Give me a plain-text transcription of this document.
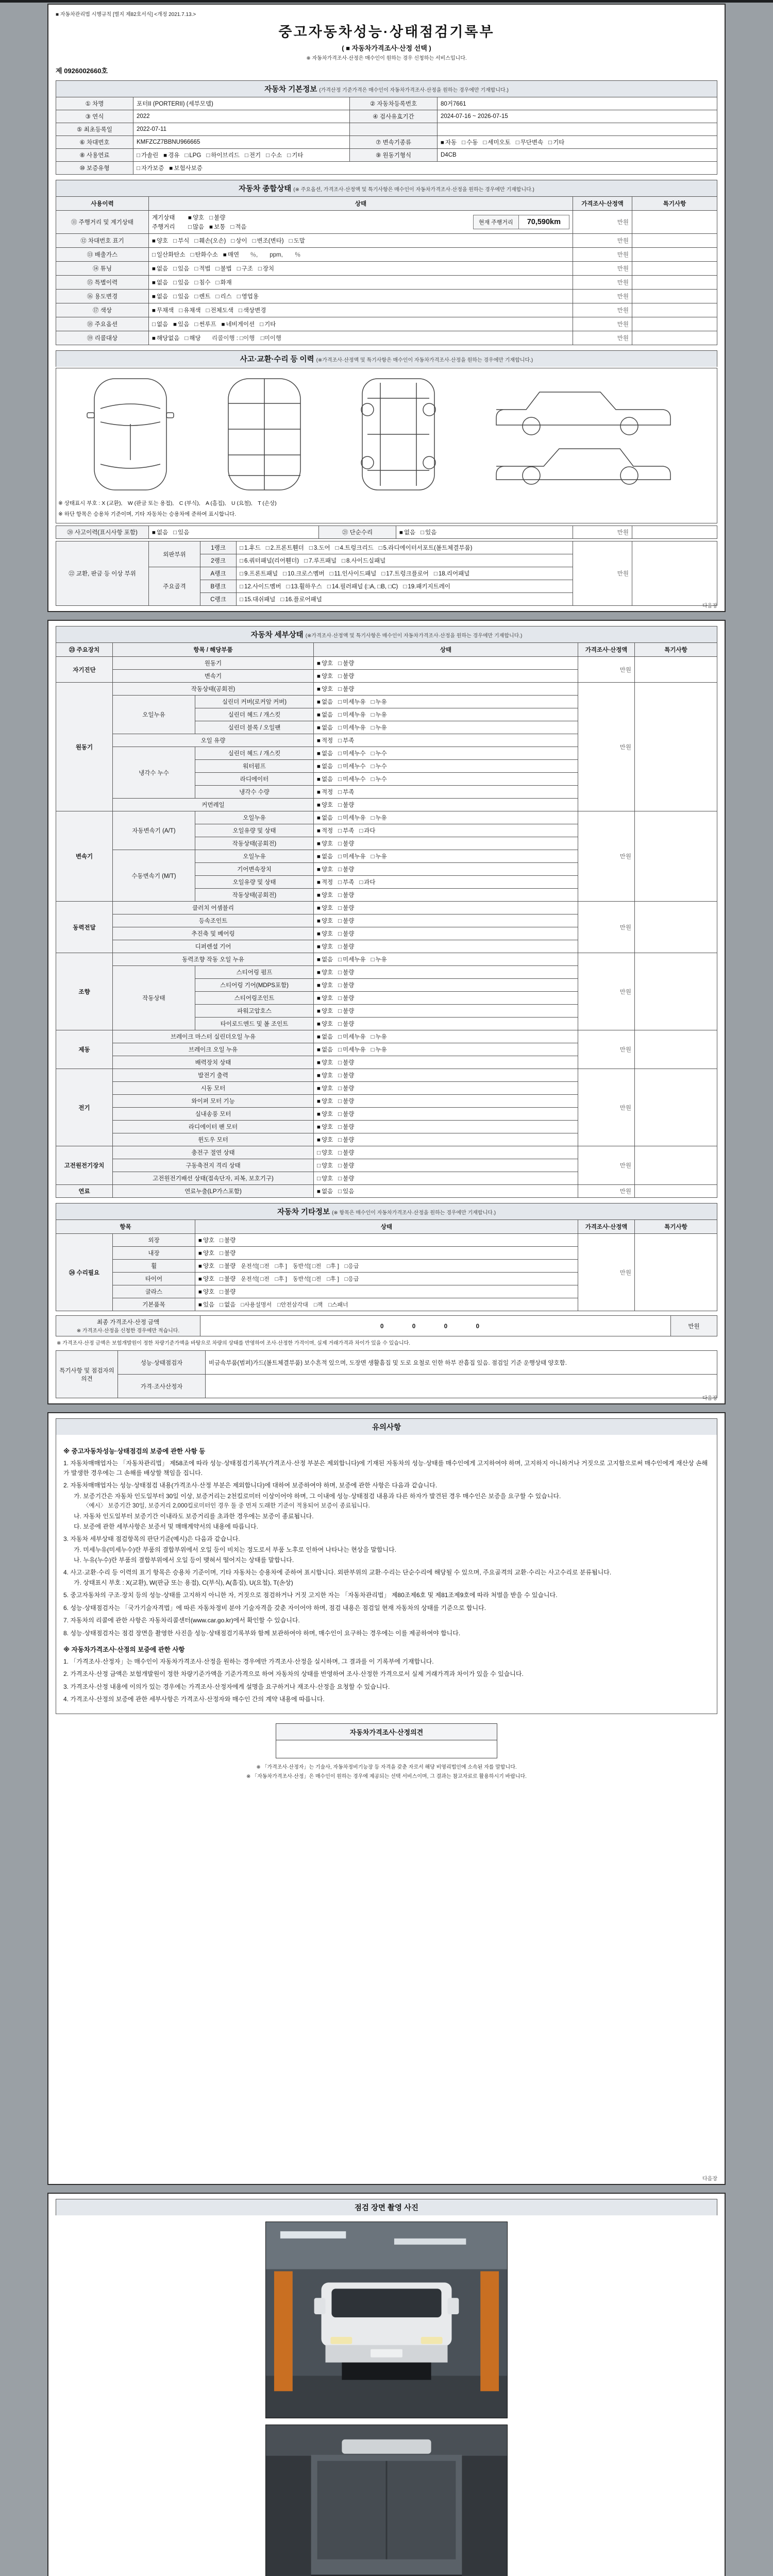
■ 자동차관리법 시행규칙 [별지 제82호서식] <개정 2021.7.13.>
중고자동차성능·상태점검기록부
( ■ 자동차가격조사·산정 선택 )
※ 자동차가격조사·산정은 매수인이 원하는 경우 신청하는 서비스입니다.
제 0926002660호
자동차 기본정보 (가격산정 기준가격은 매수인이 자동차가격조사·산정을 원하는 경우에만 기재합니다.)
① 차명	포터II (PORTERII) (세부모델)	② 자동차등록번호	80거7661
③ 연식	2022	④ 검사유효기간	2024-07-16 ~ 2026-07-15
⑤ 최초등록일	2022-07-11		
⑥ 차대번호	KMFZCZ7BBNU966665	⑦ 변속기종류	■ 자동 □ 수동 □ 세미오토 □ 무단변속 □ 기타
⑧ 사용연료	□ 가솔린 ■ 경유 □ LPG □ 하이브리드 □ 전기 □ 수소 □ 기타	⑨ 원동기형식	D4CB
⑩ 보증유형	□ 자가보증 ■ 보험사보증		
자동차 종합상태 (※ 주요옵션, 가격조사·산정액 및 특기사항은 매수인이 자동차가격조사·산정을 원하는 경우에만 기재합니다.)
사용이력	상태	가격조사·산정액	특기사항
⑪ 주행거리 및 계기상태	계기상태 ■ 양호 □ 불량
주행거리 □ 많음 ■ 보통 □ 적음
현재 주행거리 70,590km	만원	
⑫ 차대번호 표기	■ 양호 □ 부식 □ 훼손(오손) □ 상이 □ 변조(변타) □ 도말	만원	
⑬ 배출가스	□ 일산화탄소 □ 탄화수소 ■ 매연　％,　　ppm,　　％	만원	
⑭ 튜닝	■ 없음 □ 있음 □ 적법 □ 불법 □ 구조 □ 장치	만원	
⑮ 특별이력	■ 없음 □ 있음 □ 침수 □ 화재	만원	
⑯ 용도변경	■ 없음 □ 있음 □ 렌트 □ 리스 □ 영업용	만원	
⑰ 색상	■ 무채색 □ 유채색 □ 전체도색 □ 색상변경	만원	
⑱ 주요옵션	□ 없음 ■ 있음 □ 썬루프 ■ 네비게이션 □ 기타	만원	
⑲ 리콜대상	■ 해당없음 □ 해당　리콜이행 : □이행　□미이행	만원	
사고·교환·수리 등 이력 (※가격조사·산정액 및 특기사항은 매수인이 자동차가격조사·산정을 원하는 경우에만 기재합니다.)
※ 상태표시 부호 : X (교환),　W (판금 또는 용접),　C (부식),　A (흠집),　U (요철),　T (손상)
※ 하단 항목은 승용차 기준이며, 기타 자동차는 승용차에 준하여 표시합니다.
⑳ 사고이력(표시사항 포함)	■ 없음 □ 있음	㉑ 단순수리	■ 없음 □ 있음	만원	
㉒ 교환, 판금 등 이상 부위	외판부위	1랭크	□ 1.후드 □ 2.프론트휀더 □ 3.도어 □ 4.트렁크리드 □ 5.라디에이터서포트(볼트체결부품)	만원	
		2랭크	□ 6.쿼터패널(리어휀더) □ 7.루프패널 □ 8.사이드실패널		
	주요골격	A랭크	□ 9.프론트패널 □ 10.크로스멤버 □ 11.인사이드패널 □ 17.트렁크플로어 □ 18.리어패널		
		B랭크	□ 12.사이드멤버 □ 13.휠하우스 □ 14.필러패널 (□A, □B, □C) □ 19.패키지트레이		
		C랭크	□ 15.대쉬패널 □ 16.플로어패널		
다음장
자동차 세부상태 (※가격조사·산정액 및 특기사항은 매수인이 자동차가격조사·산정을 원하는 경우에만 기재합니다.)
㉓ 주요장치	항목 / 해당부품		상태	가격조사·산정액	특기사항
자기진단	원동기		■ 양호 □ 불량	만원	
	변속기		■ 양호 □ 불량		
원동기	작동상태(공회전)		■ 양호 □ 불량	만원	
	오일누유	실린더 커버(로커암 커버)	■ 없음 □ 미세누유 □ 누유		
		실린더 헤드 / 개스킷	■ 없음 □ 미세누유 □ 누유		
		실린더 블록 / 오일팬	■ 없음 □ 미세누유 □ 누유		
	오일 유량		■ 적정 □ 부족		
	냉각수 누수	실린더 헤드 / 개스킷	■ 없음 □ 미세누수 □ 누수		
		워터펌프	■ 없음 □ 미세누수 □ 누수		
		라디에이터	■ 없음 □ 미세누수 □ 누수		
		냉각수 수량	■ 적정 □ 부족		
	커먼레일		■ 양호 □ 불량		
변속기	자동변속기 (A/T)	오일누유	■ 없음 □ 미세누유 □ 누유	만원	
		오일유량 및 상태	■ 적정 □ 부족 □ 과다		
		작동상태(공회전)	■ 양호 □ 불량		
	수동변속기 (M/T)	오일누유	■ 없음 □ 미세누유 □ 누유		
		기어변속장치	■ 양호 □ 불량		
		오일유량 및 상태	■ 적정 □ 부족 □ 과다		
		작동상태(공회전)	■ 양호 □ 불량		
동력전달	클러치 어셈블리		■ 양호 □ 불량	만원	
	등속조인트		■ 양호 □ 불량		
	추진축 및 베어링		■ 양호 □ 불량		
	디퍼렌셜 기어		■ 양호 □ 불량		
조향	동력조향 작동 오일 누유		■ 없음 □ 미세누유 □ 누유	만원	
	작동상태	스티어링 펌프	■ 양호 □ 불량		
		스티어링 기어(MDPS포함)	■ 양호 □ 불량		
		스티어링조인트	■ 양호 □ 불량		
		파워고압호스	■ 양호 □ 불량		
		타이로드엔드 및 볼 조인트	■ 양호 □ 불량		
제동	브레이크 마스터 실린더오일 누유		■ 없음 □ 미세누유 □ 누유	만원	
	브레이크 오일 누유		■ 없음 □ 미세누유 □ 누유		
	배력장치 상태		■ 양호 □ 불량		
전기	발전기 출력		■ 양호 □ 불량	만원	
	시동 모터		■ 양호 □ 불량		
	와이퍼 모터 기능		■ 양호 □ 불량		
	실내송풍 모터		■ 양호 □ 불량		
	라디에이터 팬 모터		■ 양호 □ 불량		
	윈도우 모터		■ 양호 □ 불량		
고전원전기장치	충전구 절연 상태		□ 양호 □ 불량	만원	
	구동축전지 격리 상태		□ 양호 □ 불량		
	고전원전기배선 상태(접속단자, 피복, 보호기구)		□ 양호 □ 불량		
연료	연료누출(LP가스포함)		■ 없음 □ 있음	만원	
자동차 기타정보 (※ 항목은 매수인이 자동차가격조사·산정을 원하는 경우에만 기재합니다.)
항목		상태	가격조사·산정액	특기사항
㉔ 수리필요	외장	■ 양호 □ 불량	만원	
	내장	■ 양호 □ 불량		
	휠	■ 양호 □ 불량 운전석[ □전　□후 ]　동반석[ □전　□후 ]　□응급		
	타이어	■ 양호 □ 불량 운전석[ □전　□후 ]　동반석[ □전　□후 ]　□응급		
	글라스	■ 양호 □ 불량		
	기본품목	■ 있음 □ 없음 □사용설명서　□안전삼각대　□잭　□스패너		
최종 가격조사·산정 금액
※ 가격조사·산정을 신청한 경우에만 적습니다.
	0　0　0　0	만원
※ 가격조사·산정 금액은 보험개발원이 정한 차량기준가액을 바탕으로 차량의 상태를 반영하여 조사·산정한 가격이며, 실제 거래가격과 차이가 있을 수 있습니다.
특기사항 및 점검자의 의견	성능·상태점검자	비금속부품(범퍼)가드(볼트체결부품) 보수흔적 있으며, 도장면 생활흠집 및 도로 요철로 인한 하부 잔흠집 있음. 점검일 기준 운행상태 양호함.
	가격·조사산정자	
다음장
유의사항
※ 중고자동차성능·상태점검의 보증에 관한 사항 등
1. 자동차매매업자는 「자동차관리법」 제58조에 따라 성능·상태점검기록부(가격조사·산정 부분은 제외합니다)에 기재된 자동차의 성능·상태를 매수인에게 고지하여야 하며, 고지하지 아니하거나 거짓으로 고지함으로써 매수인에게 재산상 손해가 발생한 경우에는 그 손해를 배상할 책임을 집니다.
2. 자동차매매업자는 성능·상태점검 내용(가격조사·산정 부분은 제외합니다)에 대하여 보증하여야 하며, 보증에 관한 사항은 다음과 같습니다.
가. 보증기간은 자동차 인도일부터 30일 이상, 보증거리는 2천킬로미터 이상이어야 하며, 그 이내에 성능·상태점검 내용과 다른 하자가 발견된 경우 매수인은 보증을 요구할 수 있습니다.
〈예시〉 보증기간 30일, 보증거리 2,000킬로미터인 경우 둘 중 먼저 도래한 기준이 적용되어 보증이 종료됩니다.
나. 자동차 인도일부터 보증기간 이내라도 보증거리를 초과한 경우에는 보증이 종료됩니다.
다. 보증에 관한 세부사항은 보증서 및 매매계약서의 내용에 따릅니다.
3. 자동차 세부상태 점검항목의 판단기준(예시)은 다음과 같습니다.
가. 미세누유(미세누수)란 부품의 결합부위에서 오일 등이 비치는 정도로서 부품 노후로 인하여 나타나는 현상을 말합니다.
나. 누유(누수)란 부품의 결합부위에서 오일 등이 맺혀서 떨어지는 상태를 말합니다.
4. 사고·교환·수리 등 이력의 표기 항목은 승용차 기준이며, 기타 자동차는 승용차에 준하여 표시합니다. 외판부위의 교환·수리는 단순수리에 해당될 수 있으며, 주요골격의 교환·수리는 사고수리로 분류됩니다.
가. 상태표시 부호 : X(교환), W(판금 또는 용접), C(부식), A(흠집), U(요철), T(손상)
5. 중고자동차의 구조·장치 등의 성능·상태를 고지하지 아니한 자, 거짓으로 점검하거나 거짓 고지한 자는 「자동차관리법」 제80조제6호 및 제81조제9호에 따라 처벌을 받을 수 있습니다.
6. 성능·상태점검자는 「국가기술자격법」에 따른 자동차정비 분야 기술자격을 갖춘 자이어야 하며, 점검 내용은 점검일 현재 자동차의 상태를 기준으로 합니다.
7. 자동차의 리콜에 관한 사항은 자동차리콜센터(www.car.go.kr)에서 확인할 수 있습니다.
8. 성능·상태점검자는 점검 장면을 촬영한 사진을 성능·상태점검기록부와 함께 보관하여야 하며, 매수인이 요구하는 경우에는 이를 제공하여야 합니다.
※ 자동차가격조사·산정의 보증에 관한 사항
1. 「가격조사·산정자」는 매수인이 자동차가격조사·산정을 원하는 경우에만 가격조사·산정을 실시하며, 그 결과를 이 기록부에 기재합니다.
2. 가격조사·산정 금액은 보험개발원이 정한 차량기준가액을 기준가격으로 하여 자동차의 상태를 반영하여 조사·산정한 가격으로서 실제 거래가격과 차이가 있을 수 있습니다.
3. 가격조사·산정 내용에 이의가 있는 경우에는 가격조사·산정자에게 설명을 요구하거나 재조사·산정을 요청할 수 있습니다.
4. 가격조사·산정의 보증에 관한 세부사항은 가격조사·산정자와 매수인 간의 계약 내용에 따릅니다.
자동차가격조사·산정의견
※ 「가격조사·산정자」는 기술사, 자동차정비기능장 등 자격을 갖춘 자로서 해당 비영리법인에 소속된 자를 말합니다.
※ 「자동차가격조사·산정」은 매수인이 원하는 경우에 제공되는 선택 서비스이며, 그 결과는 참고자료로 활용하시기 바랍니다.
다음장
점검 장면 촬영 사진
